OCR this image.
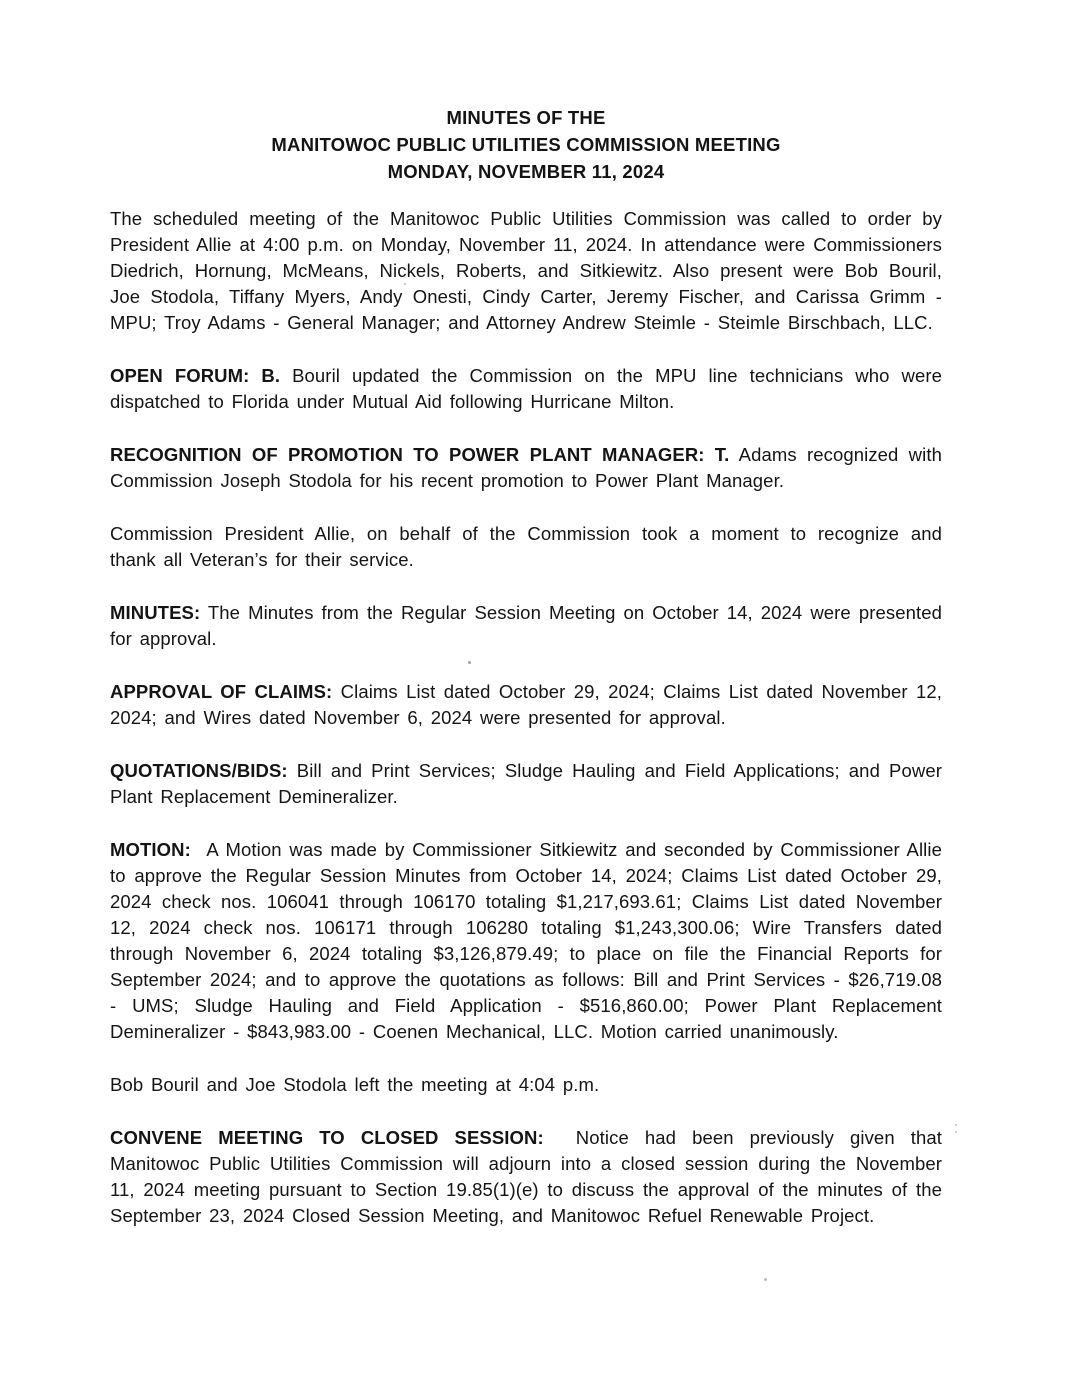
MINUTES OF THE
MANITOWOC PUBLIC UTILITIES COMMISSION MEETING
MONDAY, NOVEMBER 11, 2024

The scheduled meeting of the Manitowoc Public Utilities Commission was called to order by President Allie at 4:00 p.m. on Monday, November 11, 2024. In attendance were Commissioners Diedrich, Hornung, McMeans, Nickels, Roberts, and Sitkiewitz. Also present were Bob Bouril, Joe Stodola, Tiffany Myers, Andy Onesti, Cindy Carter, Jeremy Fischer, and Carissa Grimm - MPU; Troy Adams - General Manager; and Attorney Andrew Steimle - Steimle Birschbach, LLC.

OPEN FORUM: B. Bouril updated the Commission on the MPU line technicians who were dispatched to Florida under Mutual Aid following Hurricane Milton.

RECOGNITION OF PROMOTION TO POWER PLANT MANAGER: T. Adams recognized with Commission Joseph Stodola for his recent promotion to Power Plant Manager.

Commission President Allie, on behalf of the Commission took a moment to recognize and thank all Veteran’s for their service.

MINUTES: The Minutes from the Regular Session Meeting on October 14, 2024 were presented for approval.

APPROVAL OF CLAIMS: Claims List dated October 29, 2024; Claims List dated November 12, 2024; and Wires dated November 6, 2024 were presented for approval.

QUOTATIONS/BIDS: Bill and Print Services; Sludge Hauling and Field Applications; and Power Plant Replacement Demineralizer.

MOTION:  A Motion was made by Commissioner Sitkiewitz and seconded by Commissioner Allie to approve the Regular Session Minutes from October 14, 2024; Claims List dated October 29, 2024 check nos. 106041 through 106170 totaling $1,217,693.61; Claims List dated November 12, 2024 check nos. 106171 through 106280 totaling $1,243,300.06; Wire Transfers dated through November 6, 2024 totaling $3,126,879.49; to place on file the Financial Reports for September 2024; and to approve the quotations as follows: Bill and Print Services - $26,719.08 - UMS; Sludge Hauling and Field Application - $516,860.00; Power Plant Replacement Demineralizer - $843,983.00 - Coenen Mechanical, LLC. Motion carried unanimously.

Bob Bouril and Joe Stodola left the meeting at 4:04 p.m.

CONVENE MEETING TO CLOSED SESSION:  Notice had been previously given that Manitowoc Public Utilities Commission will adjourn into a closed session during the November 11, 2024 meeting pursuant to Section 19.85(1)(e) to discuss the approval of the minutes of the September 23, 2024 Closed Session Meeting, and Manitowoc Refuel Renewable Project.
